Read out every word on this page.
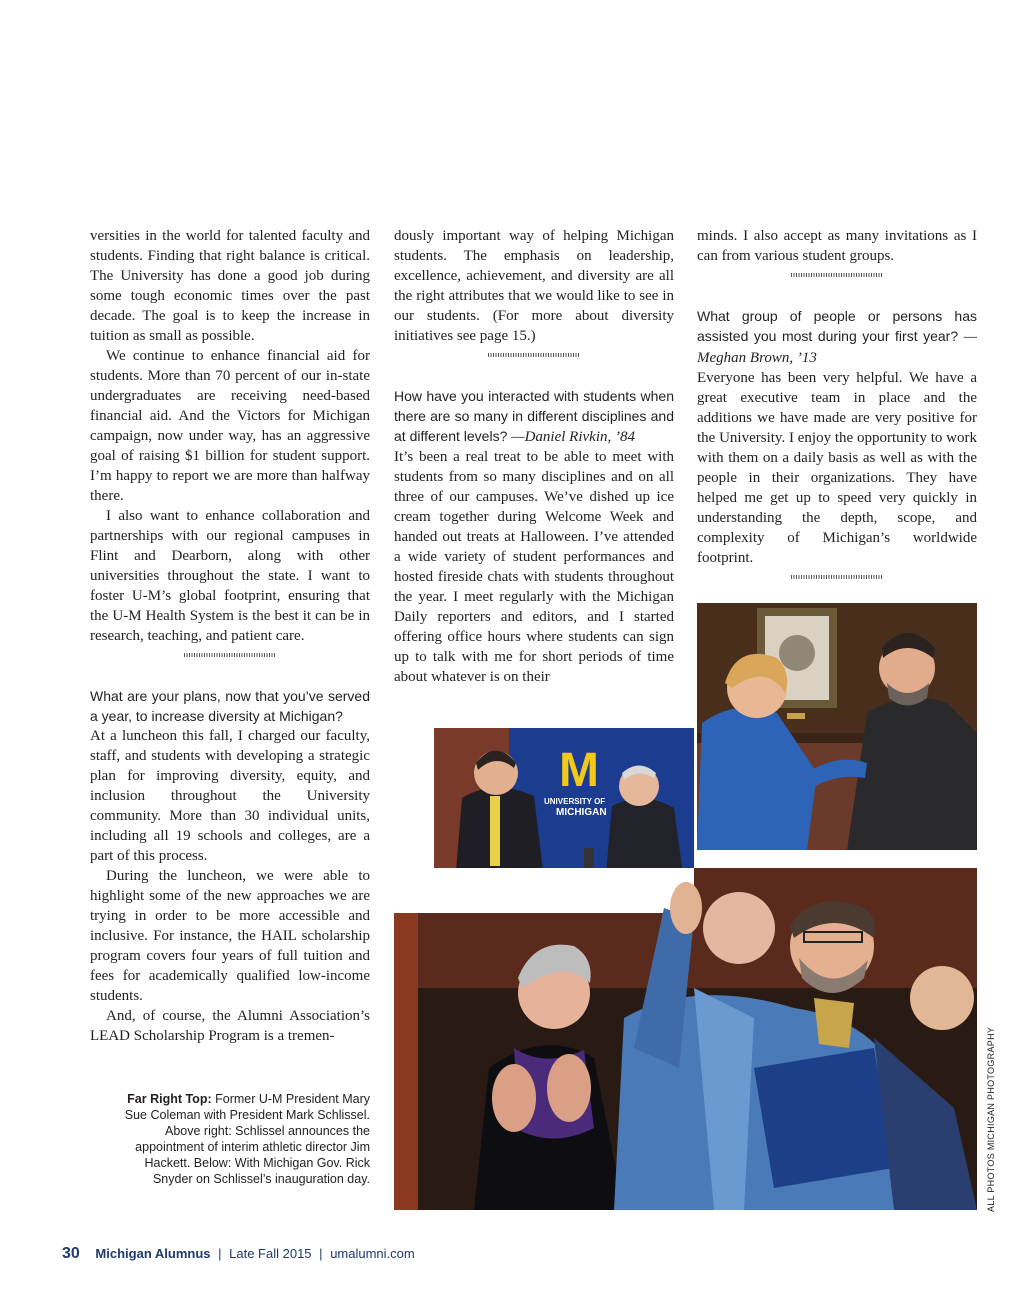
versities in the world for talented faculty and students. Finding that right balance is critical. The University has done a good job during some tough economic times over the past decade. The goal is to keep the increase in tuition as small as possible.

We continue to enhance financial aid for students. More than 70 percent of our in-state undergraduates are receiving need-based financial aid. And the Victors for Michigan campaign, now under way, has an aggressive goal of raising $1 billion for student support. I’m happy to report we are more than halfway there.

I also want to enhance collaboration and partnerships with our regional campuses in Flint and Dearborn, along with other universities throughout the state. I want to foster U-M’s global footprint, ensuring that the U-M Health System is the best it can be in research, teaching, and patient care.

What are your plans, now that you’ve served a year, to increase diversity at Michigan?

At a luncheon this fall, I charged our faculty, staff, and students with developing a strategic plan for improving diversity, equity, and inclusion throughout the University community. More than 30 individual units, including all 19 schools and colleges, are a part of this process.

During the luncheon, we were able to highlight some of the new approaches we are trying in order to be more accessible and inclusive. For instance, the HAIL scholarship program covers four years of full tuition and fees for academically qualified low-income students.

And, of course, the Alumni Association’s LEAD Scholarship Program is a tremen-

dously important way of helping Michigan students. The emphasis on leadership, excellence, achievement, and diversity are all the right attributes that we would like to see in our students. (For more about diversity initiatives see page 15.)

How have you interacted with students when there are so many in different disciplines and at different levels? —Daniel Rivkin, ’84

It’s been a real treat to be able to meet with students from so many disciplines and on all three of our campuses. We’ve dished up ice cream together during Welcome Week and handed out treats at Halloween. I’ve attended a wide variety of student performances and hosted fireside chats with students throughout the year. I meet regularly with the Michigan Daily reporters and editors, and I started offering office hours where students can sign up to talk with me for short periods of time about whatever is on their

minds. I also accept as many invitations as I can from various student groups.

What group of people or persons has assisted you most during your first year? — Meghan Brown, ’13

Everyone has been very helpful. We have a great executive team in place and the additions we have made are very positive for the University. I enjoy the opportunity to work with them on a daily basis as well as with the people in their organizations. They have helped me get up to speed very quickly in understanding the depth, scope, and complexity of Michigan’s worldwide footprint.

M
UNIVERSITY OF
MICHIGAN
Far Right Top: Former U-M President Mary Sue Coleman with President Mark Schlissel. Above right: Schlissel announces the appointment of interim athletic director Jim Hackett. Below: With Michigan Gov. Rick Snyder on Schlissel’s inauguration day.	ALL PHOTOS MICHIGAN PHOTOGRAPHY
30 Michigan Alumnus | Late Fall 2015 | umalumni.com
